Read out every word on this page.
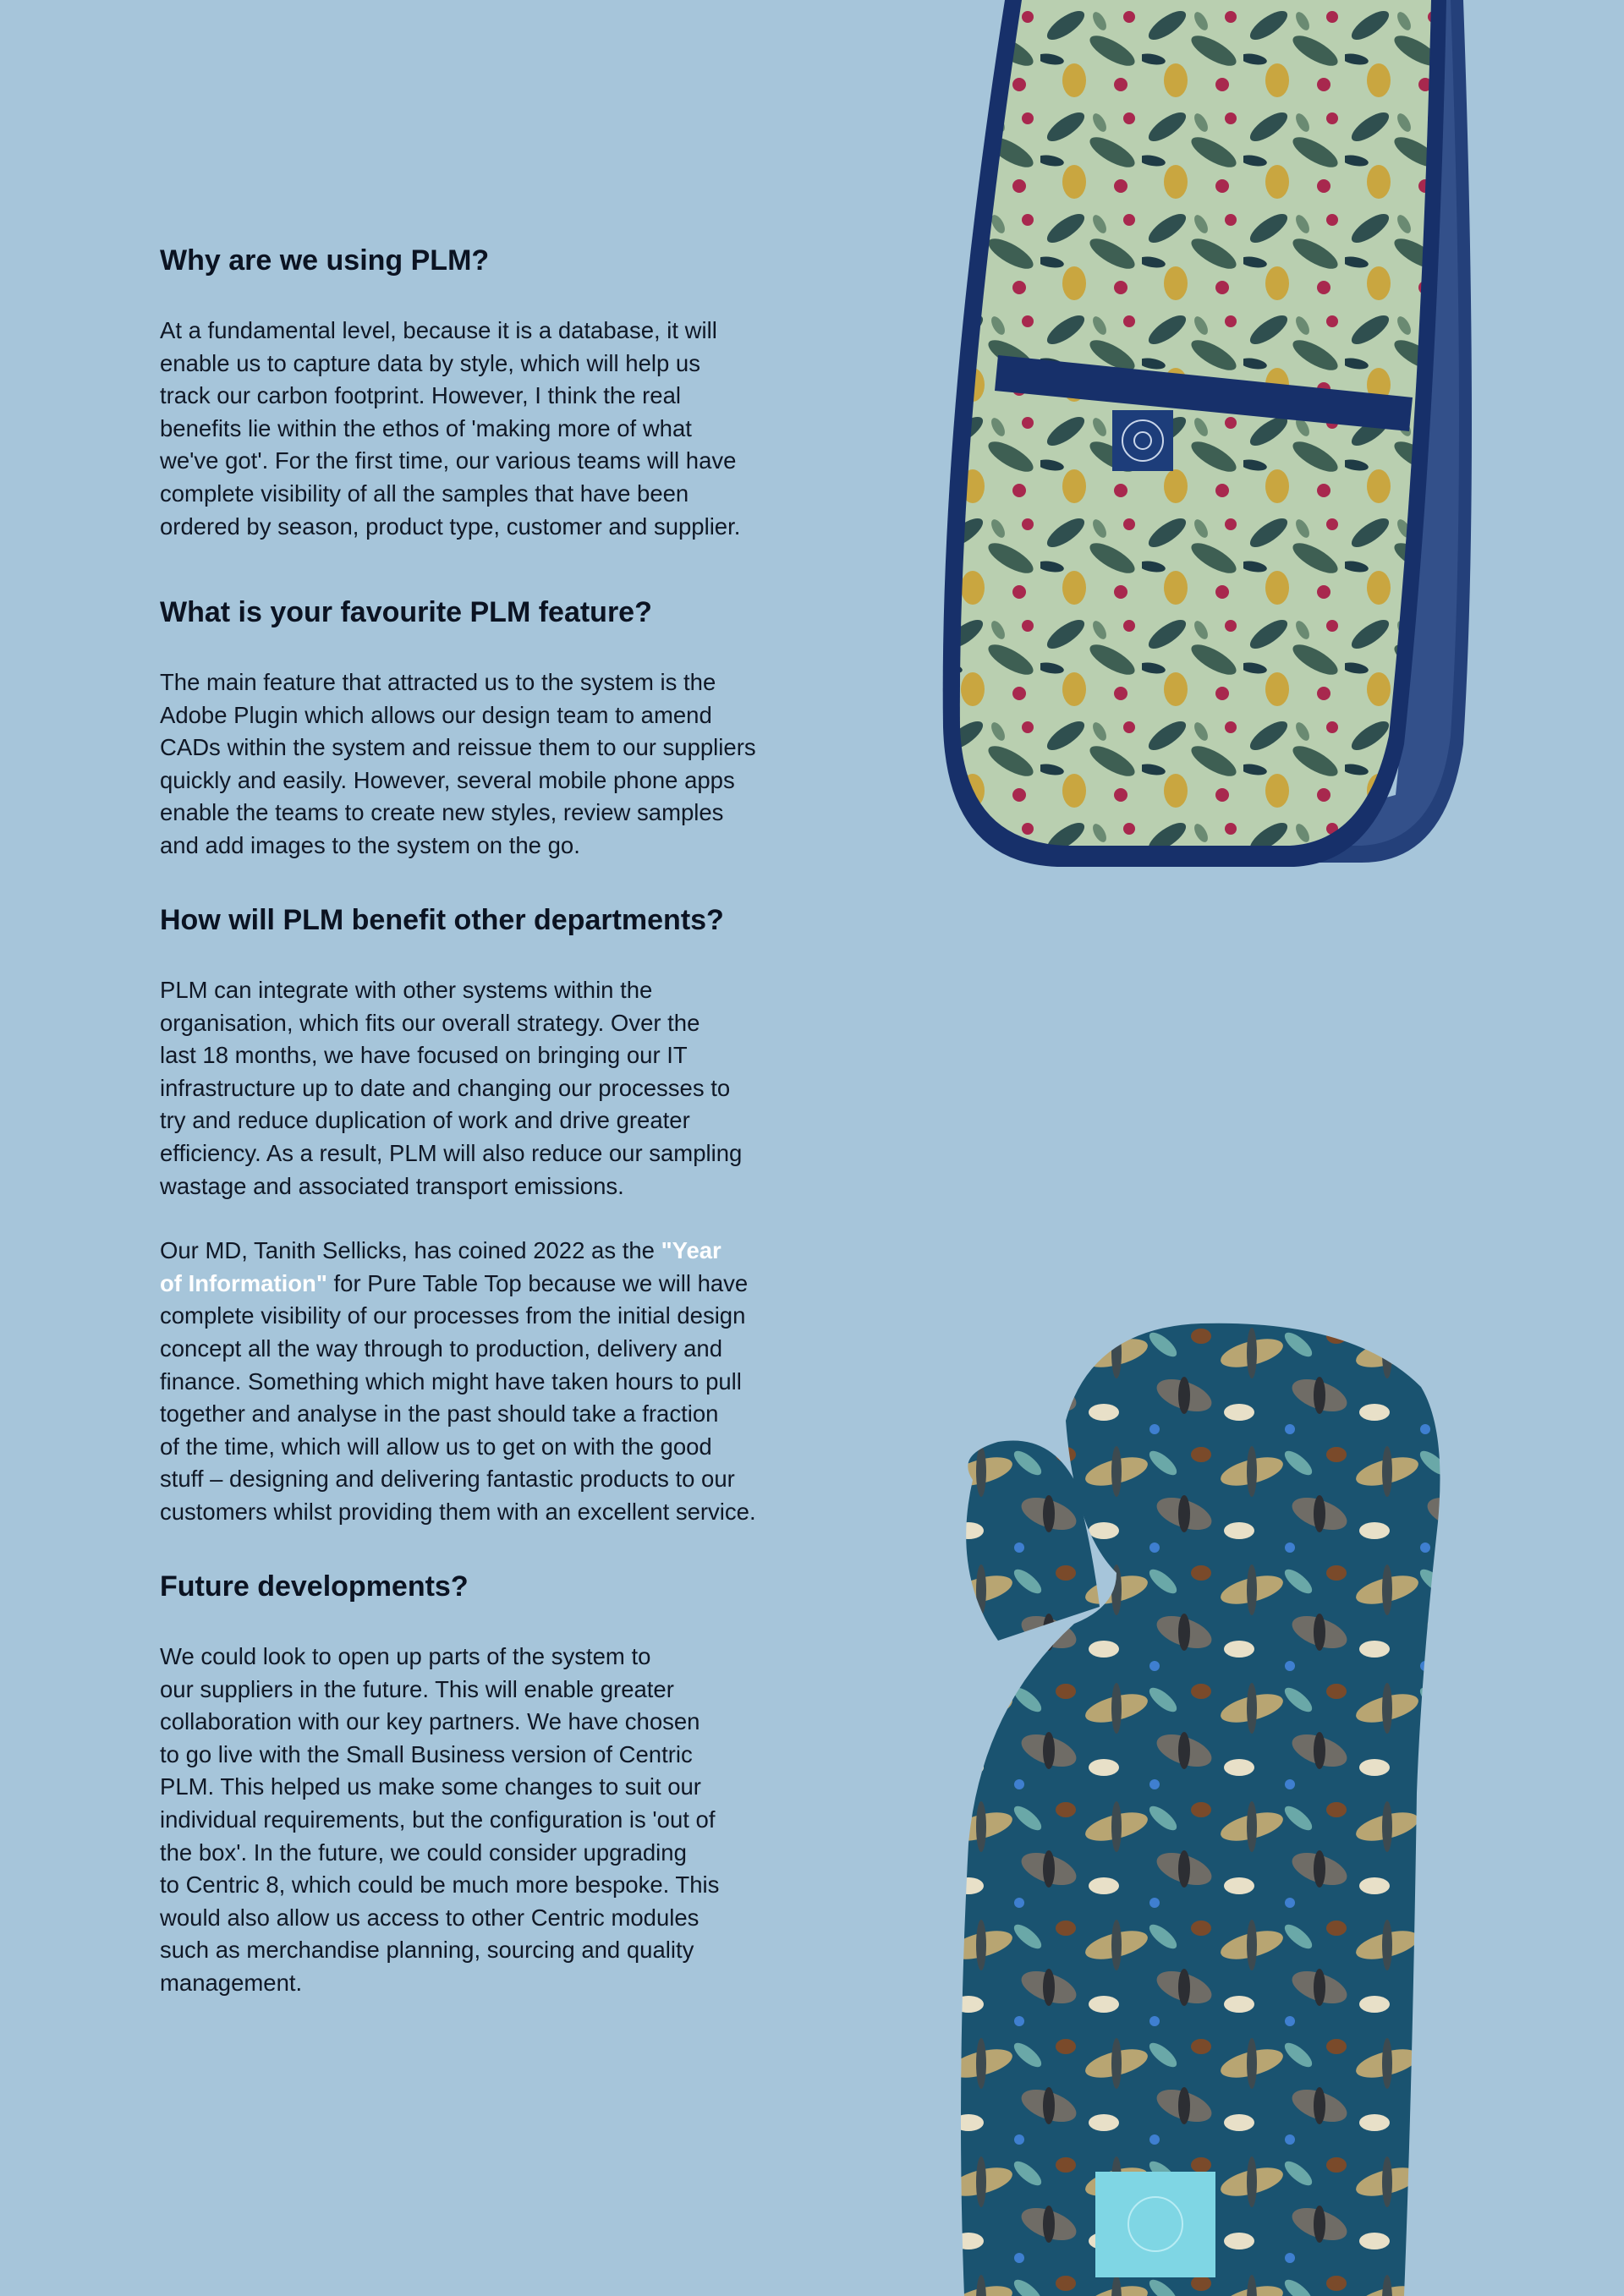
Why are we using PLM?

At a fundamental level, because it is a database, it will
enable us to capture data by style, which will help us
track our carbon footprint. However, I think the real
benefits lie within the ethos of 'making more of what
we've got'. For the first time, our various teams will have
complete visibility of all the samples that have been
ordered by season, product type, customer and supplier.

What is your favourite PLM feature?

The main feature that attracted us to the system is the
Adobe Plugin which allows our design team to amend
CADs within the system and reissue them to our suppliers
quickly and easily. However, several mobile phone apps
enable the teams to create new styles, review samples
and add images to the system on the go.

How will PLM benefit other departments?

PLM can integrate with other systems within the
organisation, which fits our overall strategy. Over the
last 18 months, we have focused on bringing our IT
infrastructure up to date and changing our processes to
try and reduce duplication of work and drive greater
efficiency. As a result, PLM will also reduce our sampling
wastage and associated transport emissions.

Our MD, Tanith Sellicks, has coined 2022 as the "Year
of Information" for Pure Table Top because we will have
complete visibility of our processes from the initial design
concept all the way through to production, delivery and
finance. Something which might have taken hours to pull
together and analyse in the past should take a fraction
of the time, which will allow us to get on with the good
stuff – designing and delivering fantastic products to our
customers whilst providing them with an excellent service.

Future developments?

We could look to open up parts of the system to
our suppliers in the future. This will enable greater
collaboration with our key partners. We have chosen
to go live with the Small Business version of Centric
PLM. This helped us make some changes to suit our
individual requirements, but the configuration is 'out of
the box'. In the future, we could consider upgrading
to Centric 8, which could be much more bespoke. This
would also allow us access to other Centric modules
such as merchandise planning, sourcing and quality
management.
